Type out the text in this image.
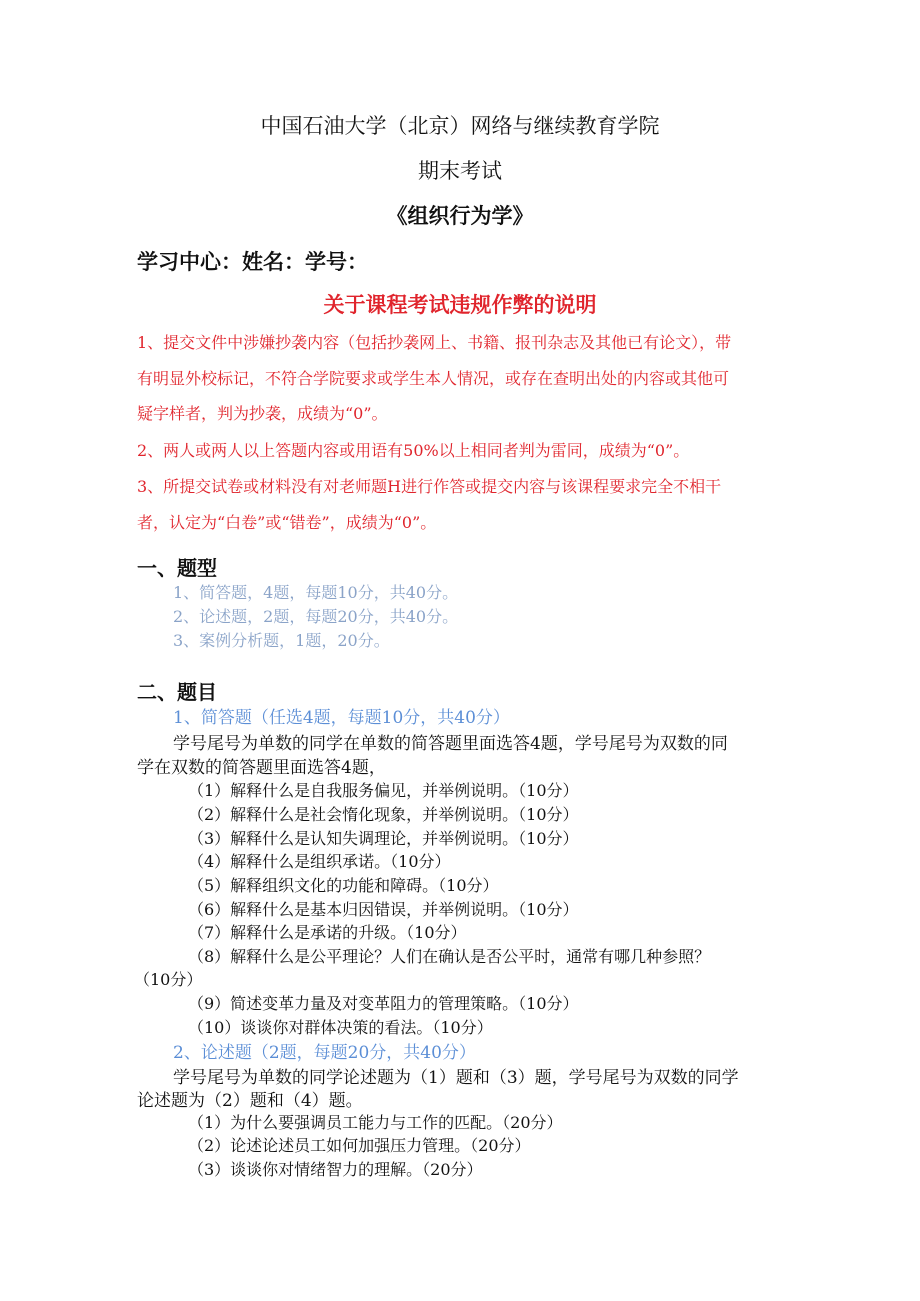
中国石油大学（北京）网络与继续教育学院
期末考试
《组织行为学》
学习中心：姓名：学号：
关于课程考试违规作弊的说明
1、提交文件中涉嫌抄袭内容（包括抄袭网上、书籍、报刊杂志及其他已有论文），带
有明显外校标记，不符合学院要求或学生本人情况，或存在查明出处的内容或其他可
疑字样者，判为抄袭，成绩为“0”。
2、两人或两人以上答题内容或用语有50%以上相同者判为雷同，成绩为“0”。
3、所提交试卷或材料没有对老师题H进行作答或提交内容与该课程要求完全不相干
者，认定为“白卷”或“错卷”，成绩为“0”。
一、题型
1、简答题，4题，每题10分，共40分。
2、论述题，2题，每题20分，共40分。
3、案例分析题，1题，20分。
二、题目
1、简答题（任选4题，每题10分，共40分）
学号尾号为单数的同学在单数的简答题里面选答4题，学号尾号为双数的同
学在双数的简答题里面选答4题，
（1）解释什么是自我服务偏见，并举例说明。（10分）
（2）解释什么是社会惰化现象，并举例说明。（10分）
（3）解释什么是认知失调理论，并举例说明。（10分）
（4）解释什么是组织承诺。（10分）
（5）解释组织文化的功能和障碍。（10分）
（6）解释什么是基本归因错误，并举例说明。（10分）
（7）解释什么是承诺的升级。（10分）
（8）解释什么是公平理论？人们在确认是否公平时，通常有哪几种参照？
（10分）
（9）简述变革力量及对变革阻力的管理策略。（10分）
（10）谈谈你对群体决策的看法。（10分）
2、论述题（2题，每题20分，共40分）
学号尾号为单数的同学论述题为（1）题和（3）题，学号尾号为双数的同学
论述题为（2）题和（4）题。
（1）为什么要强调员工能力与工作的匹配。（20分）
（2）论述论述员工如何加强压力管理。（20分）
（3）谈谈你对情绪智力的理解。（20分）
